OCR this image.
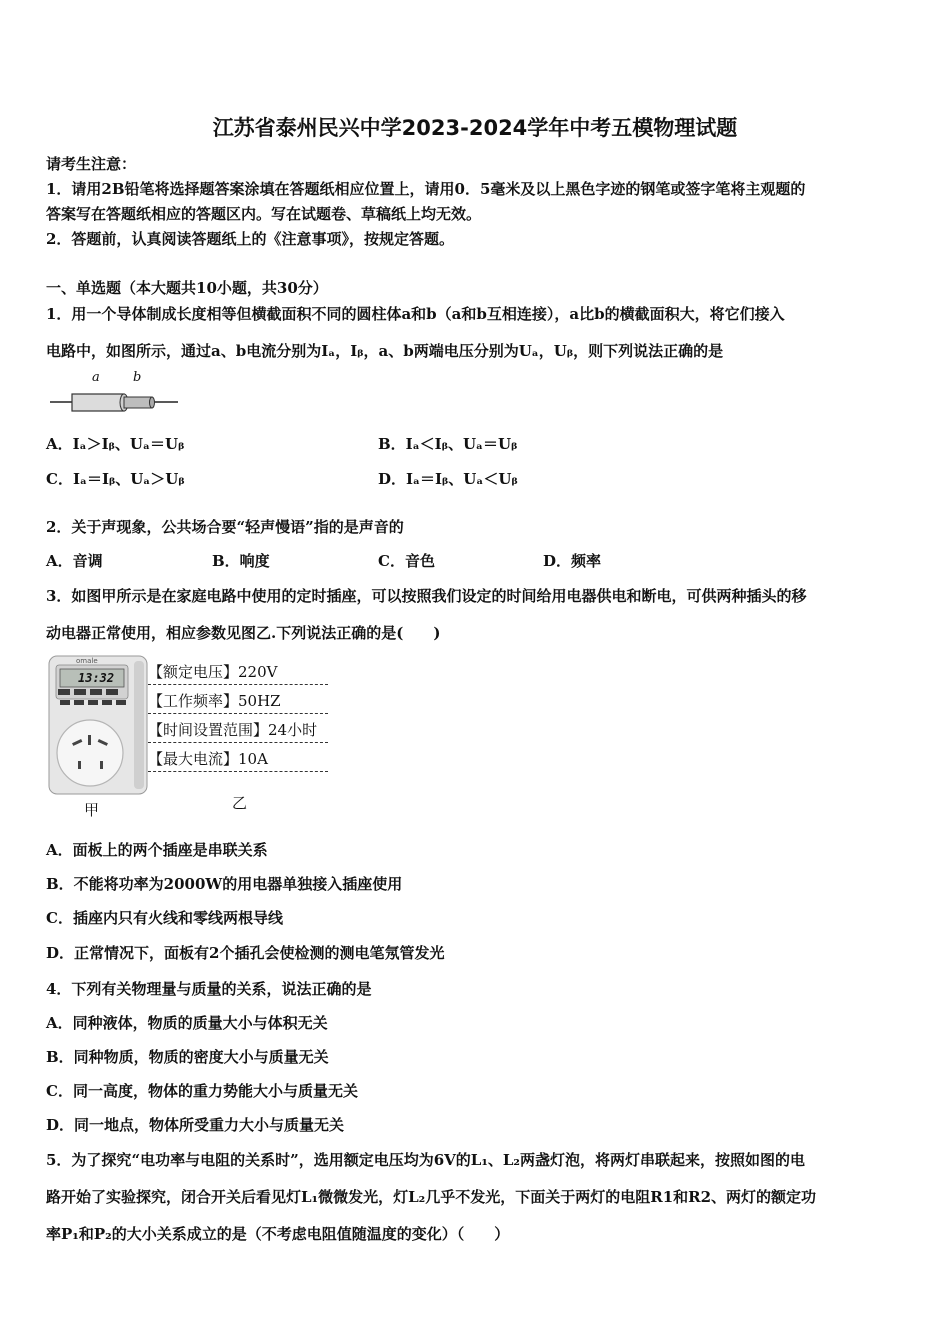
江苏省泰州民兴中学2023-2024学年中考五模物理试题
请考生注意：
1．请用2B铅笔将选择题答案涂填在答题纸相应位置上，请用0．5毫米及以上黑色字迹的钢笔或签字笔将主观题的
答案写在答题纸相应的答题区内。写在试题卷、草稿纸上均无效。
2．答题前，认真阅读答题纸上的《注意事项》，按规定答题。
一、单选题（本大题共10小题，共30分）
1．用一个导体制成长度相等但横截面积不同的圆柱体a和b（a和b互相连接），a比b的横截面积大，将它们接入
电路中，如图所示，通过a、b电流分别为Iₐ，Iᵦ，a、b两端电压分别为Uₐ，Uᵦ，则下列说法正确的是
a	b
A．Iₐ＞Iᵦ、Uₐ＝Uᵦ	B．Iₐ＜Iᵦ、Uₐ＝Uᵦ
C．Iₐ＝Iᵦ、Uₐ＞Uᵦ	D．Iₐ＝Iᵦ、Uₐ＜Uᵦ
2．关于声现象，公共场合要“轻声慢语”指的是声音的
A．音调	B．响度	C．音色	D．频率
3．如图甲所示是在家庭电路中使用的定时插座，可以按照我们设定的时间给用电器供电和断电，可供两种插头的移
动电器正常使用，相应参数见图乙.下列说法正确的是(　　)
omale
13:32
甲
【额定电压】220V
【工作频率】50HZ
【时间设置范围】24小时
【最大电流】10A
乙
A．面板上的两个插座是串联关系
B．不能将功率为2000W的用电器单独接入插座使用
C．插座内只有火线和零线两根导线
D．正常情况下，面板有2个插孔会使检测的测电笔氖管发光
4．下列有关物理量与质量的关系，说法正确的是
A．同种液体，物质的质量大小与体积无关
B．同种物质，物质的密度大小与质量无关
C．同一高度，物体的重力势能大小与质量无关
D．同一地点，物体所受重力大小与质量无关
5．为了探究“电功率与电阻的关系时”，选用额定电压均为6V的L₁、L₂两盏灯泡，将两灯串联起来，按照如图的电
路开始了实验探究，闭合开关后看见灯L₁微微发光，灯L₂几乎不发光，下面关于两灯的电阻R1和R2、两灯的额定功
率P₁和P₂的大小关系成立的是（不考虑电阻值随温度的变化）（　　）
